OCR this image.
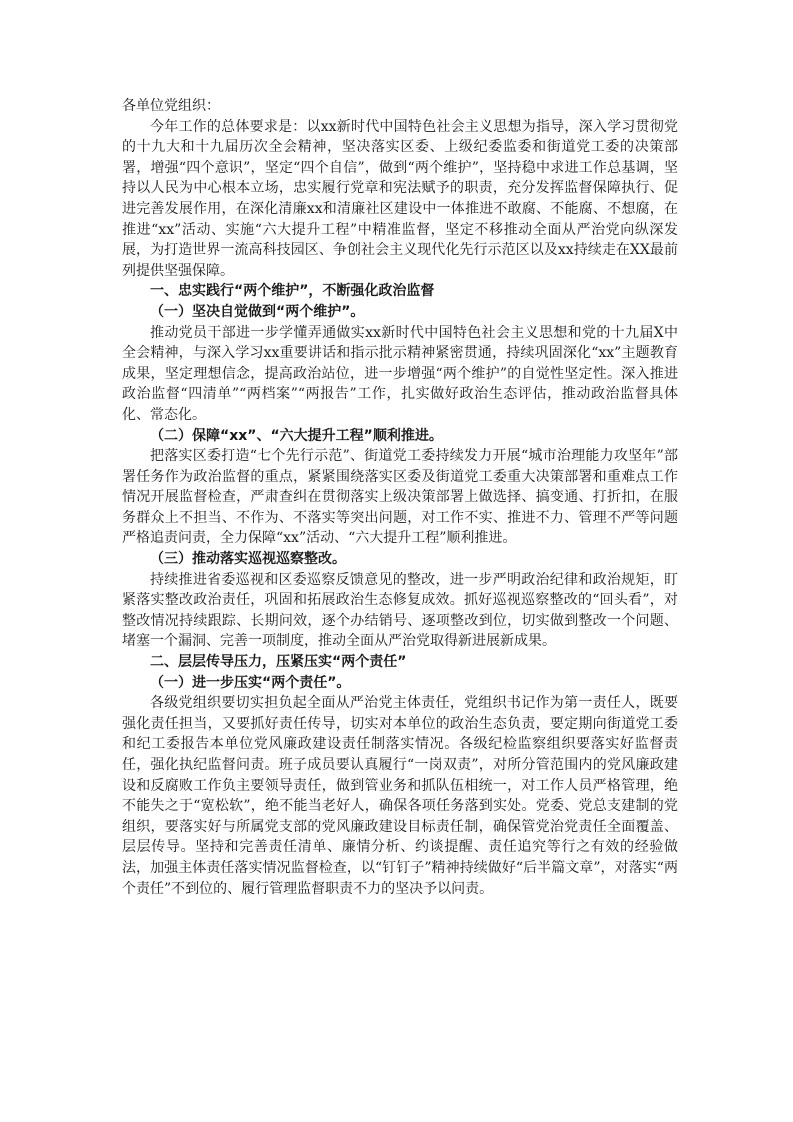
各单位党组织：

今年工作的总体要求是：以xx新时代中国特色社会主义思想为指导，深入学习贯彻党的十九大和十九届历次全会精神，坚决落实区委、上级纪委监委和街道党工委的决策部署，增强“四个意识”，坚定“四个自信”，做到“两个维护”，坚持稳中求进工作总基调，坚持以人民为中心根本立场，忠实履行党章和宪法赋予的职责，充分发挥监督保障执行、促进完善发展作用，在深化清廉xx和清廉社区建设中一体推进不敢腐、不能腐、不想腐，在推进“xx”活动、实施“六大提升工程”中精准监督，坚定不移推动全面从严治党向纵深发展，为打造世界一流高科技园区、争创社会主义现代化先行示范区以及xx持续走在XX最前列提供坚强保障。

一、忠实践行“两个维护”，不断强化政治监督

（一）坚决自觉做到“两个维护”。

推动党员干部进一步学懂弄通做实xx新时代中国特色社会主义思想和党的十九届X中全会精神，与深入学习xx重要讲话和指示批示精神紧密贯通，持续巩固深化“xx”主题教育成果，坚定理想信念，提高政治站位，进一步增强“两个维护”的自觉性坚定性。深入推进政治监督“四清单”“两档案”“两报告”工作，扎实做好政治生态评估，推动政治监督具体化、常态化。

（二）保障“xx”、“六大提升工程”顺利推进。

把落实区委打造“七个先行示范”、街道党工委持续发力开展“城市治理能力攻坚年”部署任务作为政治监督的重点，紧紧围绕落实区委及街道党工委重大决策部署和重难点工作情况开展监督检查，严肃查纠在贯彻落实上级决策部署上做选择、搞变通、打折扣，在服务群众上不担当、不作为、不落实等突出问题，对工作不实、推进不力、管理不严等问题严格追责问责，全力保障“xx”活动、“六大提升工程”顺利推进。

（三）推动落实巡视巡察整改。

持续推进省委巡视和区委巡察反馈意见的整改，进一步严明政治纪律和政治规矩，盯紧落实整改政治责任，巩固和拓展政治生态修复成效。抓好巡视巡察整改的“回头看”，对整改情况持续跟踪、长期问效，逐个办结销号、逐项整改到位，切实做到整改一个问题、堵塞一个漏洞、完善一项制度，推动全面从严治党取得新进展新成果。

二、层层传导压力，压紧压实“两个责任”

（一）进一步压实“两个责任”。

各级党组织要切实担负起全面从严治党主体责任，党组织书记作为第一责任人，既要强化责任担当，又要抓好责任传导，切实对本单位的政治生态负责，要定期向街道党工委和纪工委报告本单位党风廉政建设责任制落实情况。各级纪检监察组织要落实好监督责任，强化执纪监督问责。班子成员要认真履行“一岗双责”，对所分管范围内的党风廉政建设和反腐败工作负主要领导责任，做到管业务和抓队伍相统一，对工作人员严格管理，绝不能失之于“宽松软”，绝不能当老好人，确保各项任务落到实处。党委、党总支建制的党组织，要落实好与所属党支部的党风廉政建设目标责任制，确保管党治党责任全面覆盖、层层传导。坚持和完善责任清单、廉情分析、约谈提醒、责任追究等行之有效的经验做法，加强主体责任落实情况监督检查，以“钉钉子”精神持续做好“后半篇文章”，对落实“两个责任”不到位的、履行管理监督职责不力的坚决予以问责。
